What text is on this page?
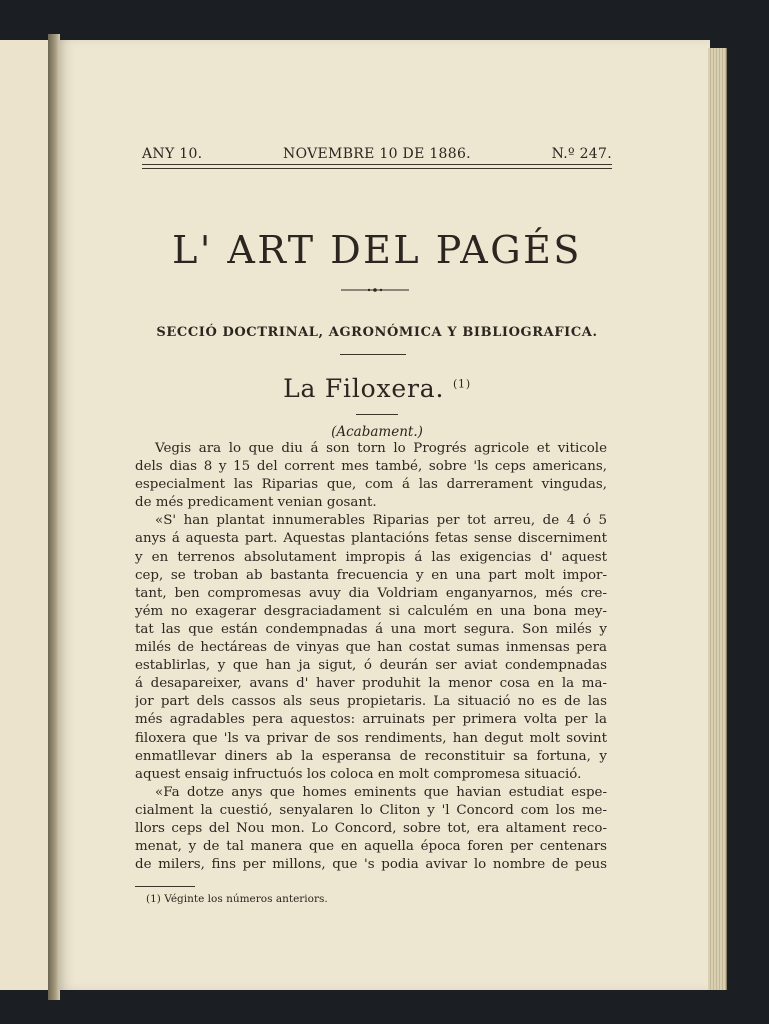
ANY 10.	NOVEMBRE 10 DE 1886.	N.º 247.
L' ART DEL PAGÉS
SECCIÓ DOCTRINAL, AGRONÓMICA Y BIBLIOGRAFICA.
La Filoxera. $^{(1)}$
(Acabament.)
Vegis ara lo que diu á son torn lo Progrés agricole et viticole
dels dias 8 y 15 del corrent mes també, sobre 'ls ceps americans,
especialment las Riparias que, com á las darrerament vingudas,
de més predicament venian gosant.
«S' han plantat innumerables Riparias per tot arreu, de 4 ó 5
anys á aquesta part. Aquestas plantacións fetas sense discerniment
y en terrenos absolutament impropis á las exigencias d' aquest
cep, se troban ab bastanta frecuencia y en una part molt impor-
tant, ben compromesas avuy dia Voldriam enganyarnos, més cre-
yém no exagerar desgraciadament si calculém en una bona mey-
tat las que están condempnadas á una mort segura. Son milés y
milés de hectáreas de vinyas que han costat sumas inmensas pera
establirlas, y que han ja sigut, ó deurán ser aviat condempnadas
á desapareixer, avans d' haver produhit la menor cosa en la ma-
jor part dels cassos als seus propietaris. La situació no es de las
més agradables pera aquestos: arruinats per primera volta per la
filoxera que 'ls va privar de sos rendiments, han degut molt sovint
enmatllevar diners ab la esperansa de reconstituir sa fortuna, y
aquest ensaig infructuós los coloca en molt compromesa situació.
«Fa dotze anys que homes eminents que havian estudiat espe-
cialment la cuestió, senyalaren lo Cliton y 'l Concord com los me-
llors ceps del Nou mon. Lo Concord, sobre tot, era altament reco-
menat, y de tal manera que en aquella época foren per centenars
de milers, fins per millons, que 's podia avivar lo nombre de peus
(1) Véginte los números anteriors.
